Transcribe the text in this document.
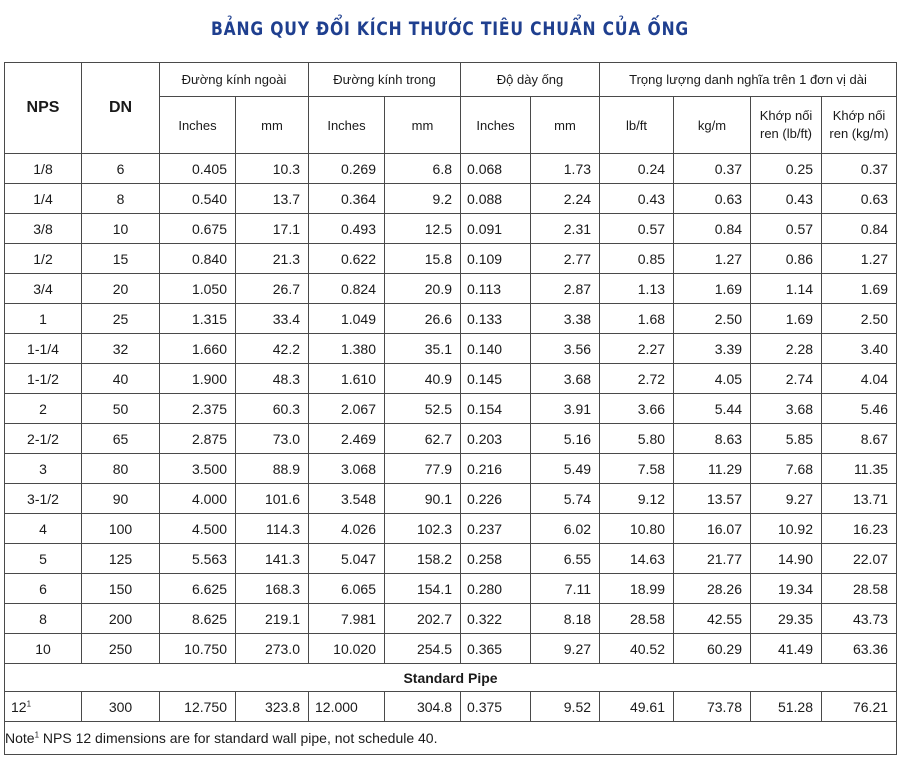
BẢNG QUY ĐỔI KÍCH THƯỚC TIÊU CHUẨN CỦA ỐNG
NPS	DN	Đường kính ngoài		Đường kính trong		Độ dày ống		Trọng lượng danh nghĩa trên 1 đơn vị dài			
		Inches	mm	Inches	mm	Inches	mm	lb/ft	kg/m	Khớp nối ren (lb/ft)	Khớp nối ren (kg/m)
1/8	6	0.405	10.3	0.269	6.8	0.068	1.73	0.24	0.37	0.25	0.37
1/4	8	0.540	13.7	0.364	9.2	0.088	2.24	0.43	0.63	0.43	0.63
3/8	10	0.675	17.1	0.493	12.5	0.091	2.31	0.57	0.84	0.57	0.84
1/2	15	0.840	21.3	0.622	15.8	0.109	2.77	0.85	1.27	0.86	1.27
3/4	20	1.050	26.7	0.824	20.9	0.113	2.87	1.13	1.69	1.14	1.69
1	25	1.315	33.4	1.049	26.6	0.133	3.38	1.68	2.50	1.69	2.50
1-1/4	32	1.660	42.2	1.380	35.1	0.140	3.56	2.27	3.39	2.28	3.40
1-1/2	40	1.900	48.3	1.610	40.9	0.145	3.68	2.72	4.05	2.74	4.04
2	50	2.375	60.3	2.067	52.5	0.154	3.91	3.66	5.44	3.68	5.46
2-1/2	65	2.875	73.0	2.469	62.7	0.203	5.16	5.80	8.63	5.85	8.67
3	80	3.500	88.9	3.068	77.9	0.216	5.49	7.58	11.29	7.68	11.35
3-1/2	90	4.000	101.6	3.548	90.1	0.226	5.74	9.12	13.57	9.27	13.71
4	100	4.500	114.3	4.026	102.3	0.237	6.02	10.80	16.07	10.92	16.23
5	125	5.563	141.3	5.047	158.2	0.258	6.55	14.63	21.77	14.90	22.07
6	150	6.625	168.3	6.065	154.1	0.280	7.11	18.99	28.26	19.34	28.58
8	200	8.625	219.1	7.981	202.7	0.322	8.18	28.58	42.55	29.35	43.73
10	250	10.750	273.0	10.020	254.5	0.365	9.27	40.52	60.29	41.49	63.36
Standard Pipe											
$12^1$	300	12.750	323.8	12.000	304.8	0.375	9.52	49.61	73.78	51.28	76.21
Note$^1$ NPS 12 dimensions are for standard wall pipe, not schedule 40.											
